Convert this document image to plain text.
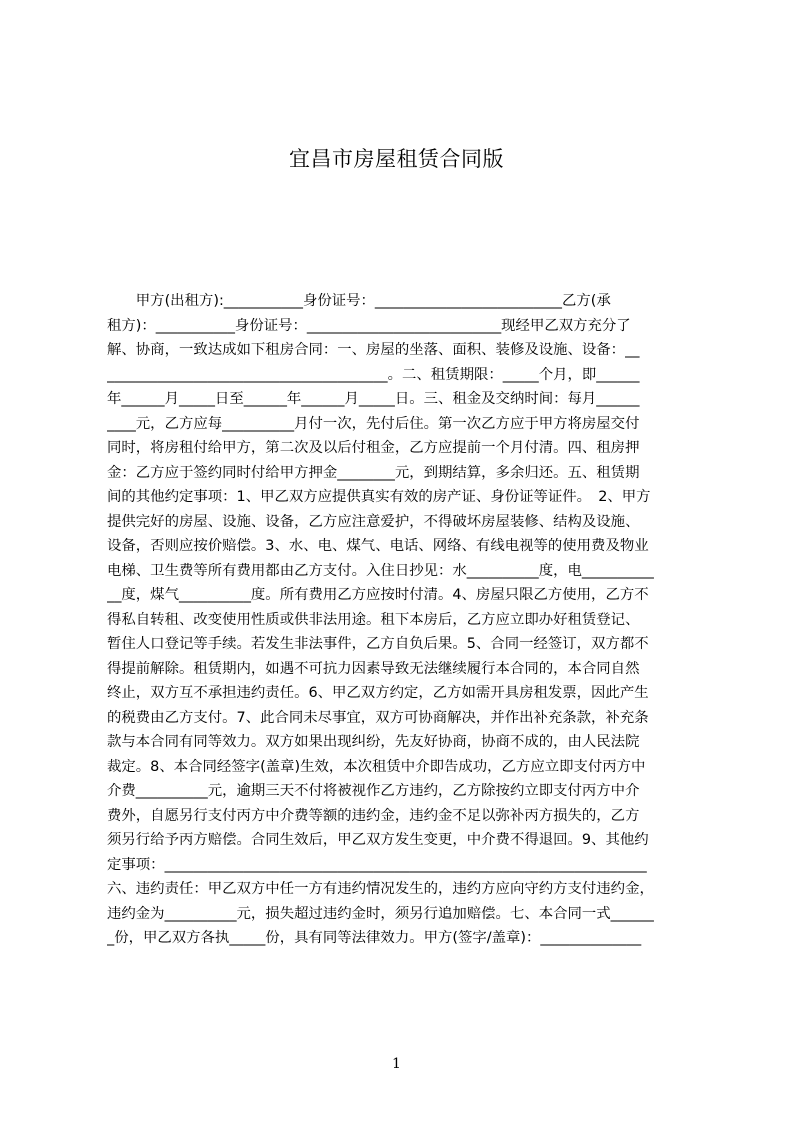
宜昌市房屋租赁合同版
　　甲方(出租方):___________身份证号：__________________________乙方(承
租方)：___________身份证号：___________________________现经甲乙双方充分了
解、协商，一致达成如下租房合同：一、房屋的坐落、面积、装修及设施、设备：__
_______________________________________。二、租赁期限：_____个月，即______
年______月_____日至______年______月_____日。三、租金及交纳时间：每月______
____元，乙方应每__________月付一次，先付后住。第一次乙方应于甲方将房屋交付
同时，将房租付给甲方，第二次及以后付租金，乙方应提前一个月付清。四、租房押
金：乙方应于签约同时付给甲方押金________元，到期结算，多余归还。五、租赁期
间的其他约定事项：1、甲乙双方应提供真实有效的房产证、身份证等证件。　2、甲方
提供完好的房屋、设施、设备，乙方应注意爱护，不得破坏房屋装修、结构及设施、
设备，否则应按价赔偿。3、水、电、煤气、电话、网络、有线电视等的使用费及物业
电梯、卫生费等所有费用都由乙方支付。入住日抄见：水__________度，电__________
__度，煤气__________度。所有费用乙方应按时付清。4、房屋只限乙方使用，乙方不
得私自转租、改变使用性质或供非法用途。租下本房后，乙方应立即办好租赁登记、
暂住人口登记等手续。若发生非法事件，乙方自负后果。5、合同一经签订，双方都不
得提前解除。租赁期内，如遇不可抗力因素导致无法继续履行本合同的，本合同自然
终止，双方互不承担违约责任。6、甲乙双方约定，乙方如需开具房租发票，因此产生
的税费由乙方支付。7、此合同未尽事宜，双方可协商解决，并作出补充条款，补充条
款与本合同有同等效力。双方如果出现纠纷，先友好协商，协商不成的，由人民法院
裁定。8、本合同经签字(盖章)生效，本次租赁中介即告成功，乙方应立即支付丙方中
介费__________元，逾期三天不付将被视作乙方违约，乙方除按约立即支付丙方中介
费外，自愿另行支付丙方中介费等额的违约金，违约金不足以弥补丙方损失的，乙方
须另行给予丙方赔偿。合同生效后，甲乙双方发生变更，中介费不得退回。9、其他约
定事项：___________________________________________________________________
六、违约责任：甲乙双方中任一方有违约情况发生的，违约方应向守约方支付违约金，
违约金为__________元，损失超过违约金时，须另行追加赔偿。七、本合同一式______
_份，甲乙双方各执_____份，具有同等法律效力。甲方(签字/盖章)：______________
1
